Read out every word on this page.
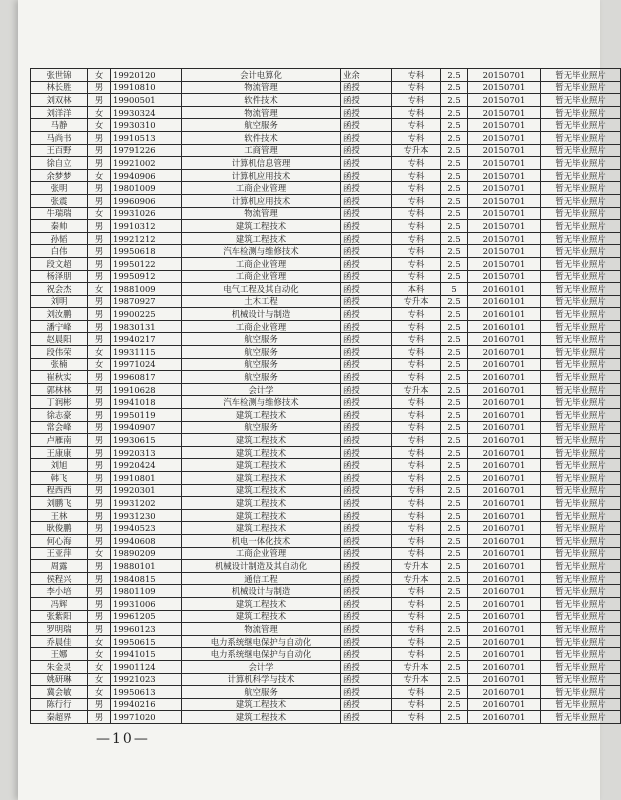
张世锦	女	19920120	会计电算化	业余	专科	2.5	20150701	暂无毕业照片
林长胜	男	19910810	物流管理	函授	专科	2.5	20150701	暂无毕业照片
刘双林	男	19900501	软件技术	函授	专科	2.5	20150701	暂无毕业照片
刘洋洋	女	19930324	物流管理	函授	专科	2.5	20150701	暂无毕业照片
马静	女	19930310	航空服务	函授	专科	2.5	20150701	暂无毕业照片
马尚书	男	19910513	软件技术	函授	专科	2.5	20150701	暂无毕业照片
王百野	男	19791226	工商管理	函授	专升本	2.5	20150701	暂无毕业照片
徐自立	男	19921002	计算机信息管理	函授	专科	2.5	20150701	暂无毕业照片
余梦梦	女	19940906	计算机应用技术	函授	专科	2.5	20150701	暂无毕业照片
张明	男	19801009	工商企业管理	函授	专科	2.5	20150701	暂无毕业照片
张震	男	19960906	计算机应用技术	函授	专科	2.5	20150701	暂无毕业照片
牛瑞瑞	女	19931026	物流管理	函授	专科	2.5	20150701	暂无毕业照片
秦帅	男	19910312	建筑工程技术	函授	专科	2.5	20150701	暂无毕业照片
孙韬	男	19921212	建筑工程技术	函授	专科	2.5	20150701	暂无毕业照片
白伟	男	19950618	汽车检测与维修技术	函授	专科	2.5	20150701	暂无毕业照片
段文超	男	19950122	工商企业管理	函授	专科	2.5	20150701	暂无毕业照片
杨泽朋	男	19950912	工商企业管理	函授	专科	2.5	20150701	暂无毕业照片
祝会杰	女	19881009	电气工程及其自动化	函授	本科	5	20160101	暂无毕业照片
刘明	男	19870927	土木工程	函授	专升本	2.5	20160101	暂无毕业照片
刘汝鹏	男	19900225	机械设计与制造	函授	专科	2.5	20160101	暂无毕业照片
潘宁峰	男	19830131	工商企业管理	函授	专科	2.5	20160101	暂无毕业照片
赵晨阳	男	19940217	航空服务	函授	专科	2.5	20160701	暂无毕业照片
段伟荣	女	19931115	航空服务	函授	专科	2.5	20160701	暂无毕业照片
张楠	女	19971024	航空服务	函授	专科	2.5	20160701	暂无毕业照片
崔秋实	男	19960817	航空服务	函授	专科	2.5	20160701	暂无毕业照片
郭林林	男	19910628	会计学	函授	专升本	2.5	20160701	暂无毕业照片
丁润彬	男	19941018	汽车检测与维修技术	函授	专科	2.5	20160701	暂无毕业照片
徐志豪	男	19950119	建筑工程技术	函授	专科	2.5	20160701	暂无毕业照片
常会峰	男	19940907	航空服务	函授	专科	2.5	20160701	暂无毕业照片
卢雁南	男	19930615	建筑工程技术	函授	专科	2.5	20160701	暂无毕业照片
王康康	男	19920313	建筑工程技术	函授	专科	2.5	20160701	暂无毕业照片
刘旭	男	19920424	建筑工程技术	函授	专科	2.5	20160701	暂无毕业照片
韩飞	男	19910801	建筑工程技术	函授	专科	2.5	20160701	暂无毕业照片
程西西	男	19920301	建筑工程技术	函授	专科	2.5	20160701	暂无毕业照片
刘鹏飞	男	19931202	建筑工程技术	函授	专科	2.5	20160701	暂无毕业照片
王林	男	19931230	建筑工程技术	函授	专科	2.5	20160701	暂无毕业照片
耿俊鹏	男	19940523	建筑工程技术	函授	专科	2.5	20160701	暂无毕业照片
何心海	男	19940608	机电一体化技术	函授	专科	2.5	20160701	暂无毕业照片
王亚萍	女	19890209	工商企业管理	函授	专科	2.5	20160701	暂无毕业照片
周露	男	19880101	机械设计制造及其自动化	函授	专升本	2.5	20160701	暂无毕业照片
侯程兴	男	19840815	通信工程	函授	专升本	2.5	20160701	暂无毕业照片
李小培	男	19801109	机械设计与制造	函授	专科	2.5	20160701	暂无毕业照片
冯辉	男	19931006	建筑工程技术	函授	专科	2.5	20160701	暂无毕业照片
张紫阳	男	19961205	建筑工程技术	函授	专科	2.5	20160701	暂无毕业照片
罗明瑞	男	19960123	物流管理	函授	专科	2.5	20160701	暂无毕业照片
乔晨佳	女	19950615	电力系统继电保护与自动化	函授	专科	2.5	20160701	暂无毕业照片
王娜	女	19941015	电力系统继电保护与自动化	函授	专科	2.5	20160701	暂无毕业照片
朱金灵	女	19901124	会计学	函授	专升本	2.5	20160701	暂无毕业照片
姚研琳	女	19921023	计算机科学与技术	函授	专升本	2.5	20160701	暂无毕业照片
冀会敏	女	19950613	航空服务	函授	专科	2.5	20160701	暂无毕业照片
陈行行	男	19940216	建筑工程技术	函授	专科	2.5	20160701	暂无毕业照片
秦超界	男	19971020	建筑工程技术	函授	专科	2.5	20160701	暂无毕业照片
—10—
